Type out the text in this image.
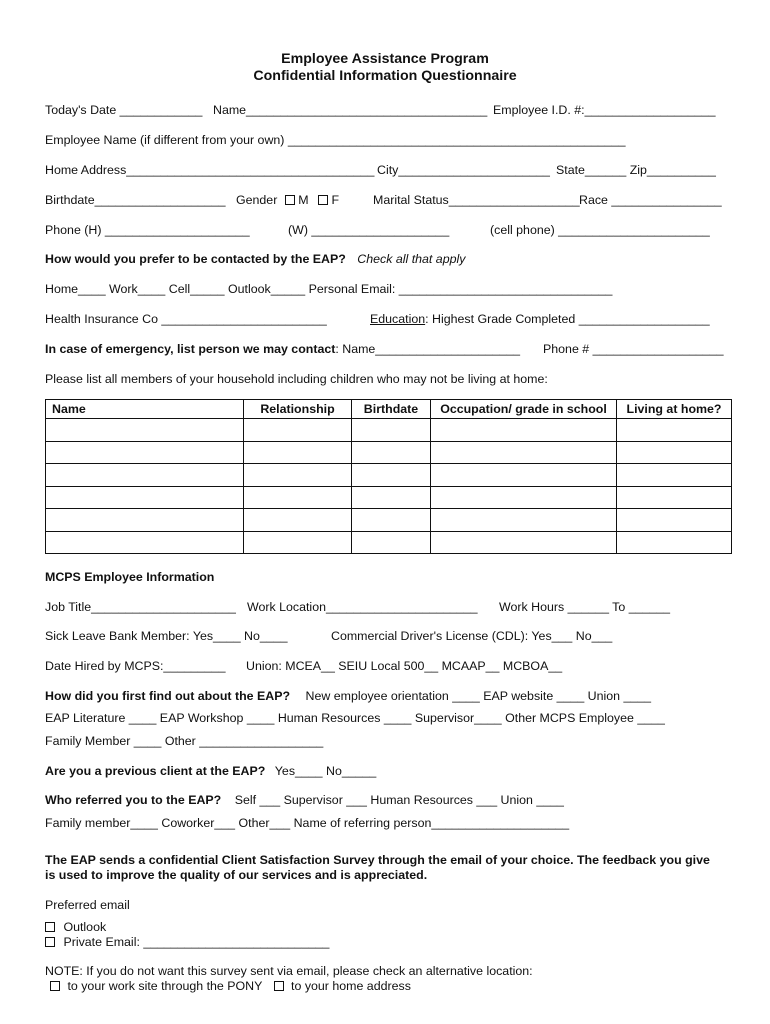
Employee Assistance Program
Confidential Information Questionnaire
Today's Date ____________ Name___________________________________ Employee I.D. #:___________________
Employee Name (if different from your own) _________________________________________________
Home Address____________________________________ City______________________ State______ Zip__________
Birthdate___________________ Gender M F	Marital Status___________________ Race ________________
Phone (H) _____________________	(W) ____________________	(cell phone) ______________________
How would you prefer to be contacted by the EAP? Check all that apply
Home____ Work____ Cell_____ Outlook_____ Personal Email: _______________________________
Health Insurance Co ________________________	Education: Highest Grade Completed ___________________
In case of emergency, list person we may contact: Name_____________________ Phone # ___________________
Please list all members of your household including children who may not be living at home:
Name	Relationship	Birthdate	Occupation/ grade in school	Living at home?

MCPS Employee Information
Job Title_____________________ Work Location______________________ Work Hours ______ To ______
Sick Leave Bank Member: Yes____ No____	Commercial Driver's License (CDL): Yes___ No___
Date Hired by MCPS:_________ Union: MCEA__ SEIU Local 500__ MCAAP__ MCBOA__
How did you first find out about the EAP? New employee orientation ____ EAP website ____ Union ____
EAP Literature ____ EAP Workshop ____ Human Resources ____ Supervisor____ Other MCPS Employee ____
Family Member ____ Other __________________
Are you a previous client at the EAP? Yes____ No_____
Who referred you to the EAP? Self ___ Supervisor ___ Human Resources ___ Union ____
Family member____ Coworker___ Other___ Name of referring person____________________
The EAP sends a confidential Client Satisfaction Survey through the email of your choice. The feedback you give
is used to improve the quality of our services and is appreciated.
Preferred email
Outlook
Private Email: ___________________________
NOTE: If you do not want this survey sent via email, please check an alternative location:
to your work site through the PONY to your home address
